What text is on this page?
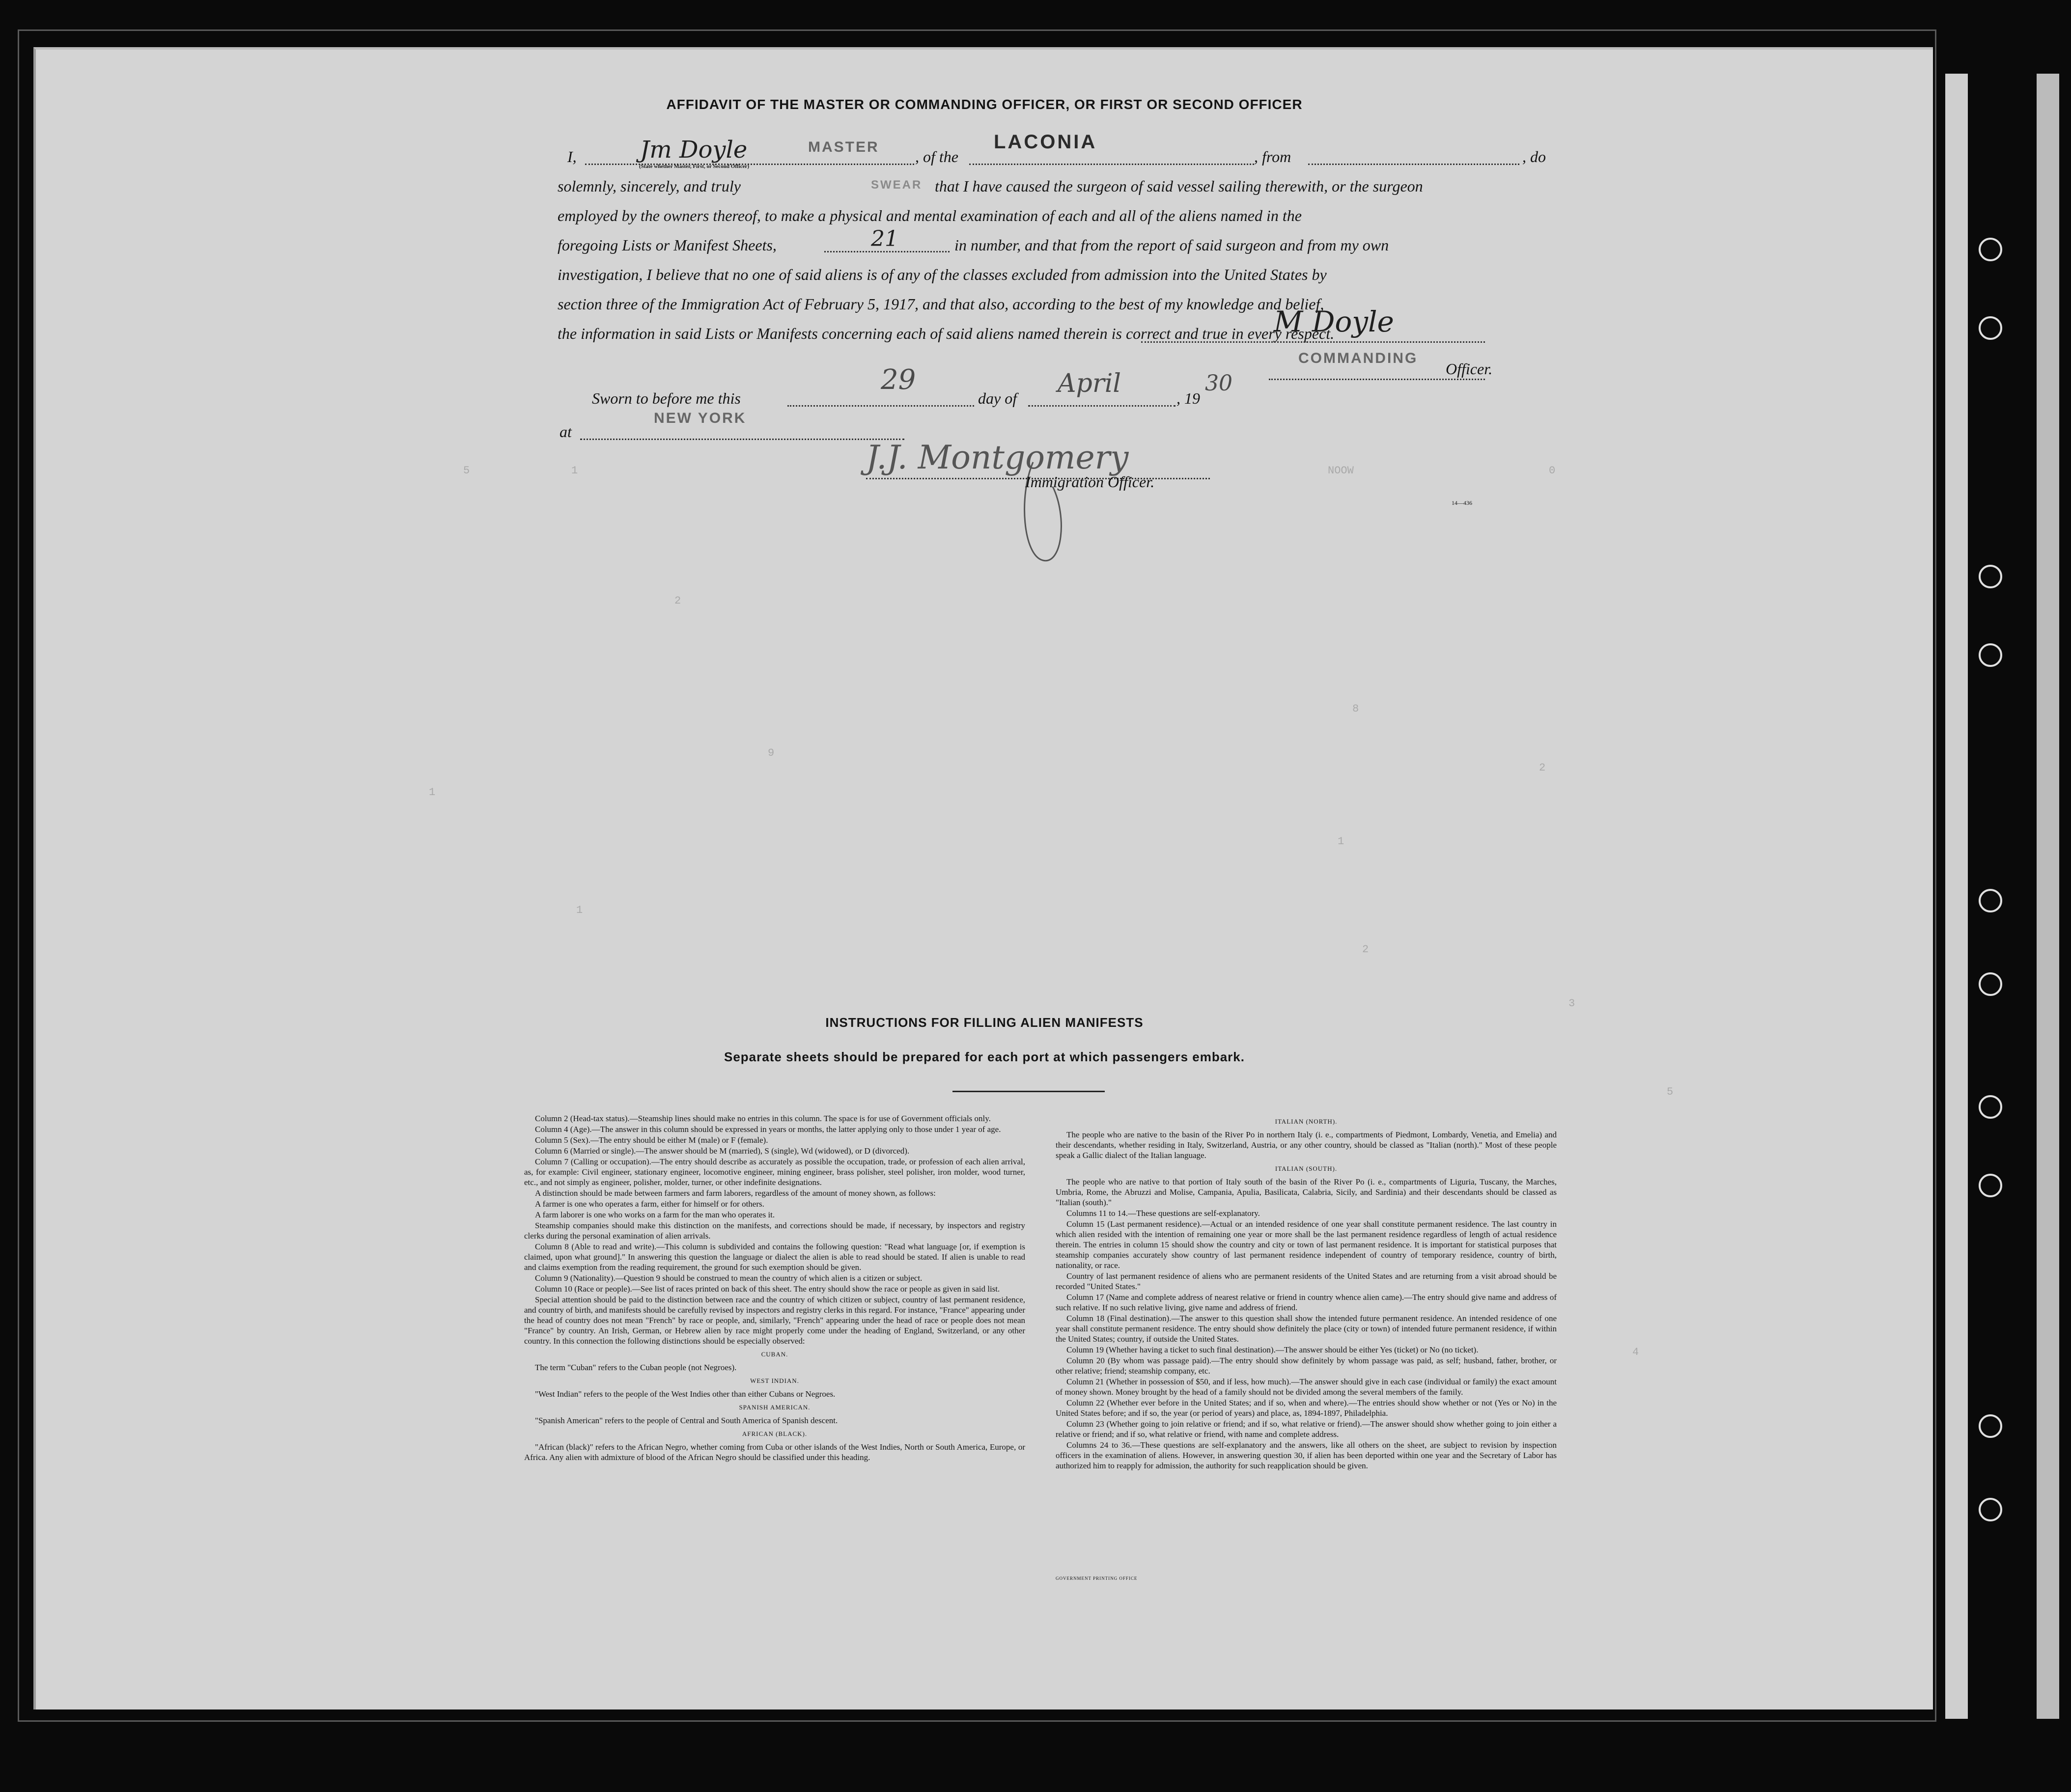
5	1	NOOW	0
2
8
2
9
1
1
1
2
3
5
4
AFFIDAVIT OF THE MASTER OR COMMANDING OFFICER, OR FIRST OR SECOND OFFICER
I,	Jm Doyle	MASTER
(State whether Master, First, or Second Officer)
, of the
LACONIA
, from	, do
solemnly, sincerely, and truly	SWEAR that I have caused the surgeon of said vessel sailing therewith, or the surgeon
employed by the owners thereof, to make a physical and mental examination of each and all of the aliens named in the
foregoing Lists or Manifest Sheets,	21	in number, and that from the report of said surgeon and from my own
investigation, I believe that no one of said aliens is of any of the classes excluded from admission into the United States by
section three of the Immigration Act of February 5, 1917, and that also, according to the best of my knowledge and belief,
the information in said Lists or Manifests concerning each of said aliens named therein is correct and true in every respect.
M Doyle
COMMANDING
Officer.
Sworn to before me this
29
day of April	, 19
30
at
NEW YORK
J.J. Montgomery
Immigration Officer.
14—436
INSTRUCTIONS FOR FILLING ALIEN MANIFESTS
Separate sheets should be prepared for each port at which passengers embark.

Column 2 (Head-tax status).—Steamship lines should make no entries in this column. The space is for use of Government officials only.

Column 4 (Age).—The answer in this column should be expressed in years or months, the latter applying only to those under 1 year of age.

Column 5 (Sex).—The entry should be either M (male) or F (female).

Column 6 (Married or single).—The answer should be M (married), S (single), Wd (widowed), or D (divorced).

Column 7 (Calling or occupation).—The entry should describe as accurately as possible the occupation, trade, or profession of each alien arrival, as, for example: Civil engineer, stationary engineer, locomotive engineer, mining engineer, brass polisher, steel polisher, iron molder, wood turner, etc., and not simply as engineer, polisher, molder, turner, or other indefinite designations.

A distinction should be made between farmers and farm laborers, regardless of the amount of money shown, as follows:

A farmer is one who operates a farm, either for himself or for others.

A farm laborer is one who works on a farm for the man who operates it.

Steamship companies should make this distinction on the manifests, and corrections should be made, if necessary, by inspectors and registry clerks during the personal examination of alien arrivals.

Column 8 (Able to read and write).—This column is subdivided and contains the following question: "Read what language [or, if exemption is claimed, upon what ground]." In answering this question the language or dialect the alien is able to read should be stated. If alien is unable to read and claims exemption from the reading requirement, the ground for such exemption should be given.

Column 9 (Nationality).—Question 9 should be construed to mean the country of which alien is a citizen or subject.

Column 10 (Race or people).—See list of races printed on back of this sheet. The entry should show the race or people as given in said list.

Special attention should be paid to the distinction between race and the country of which citizen or subject, country of last permanent residence, and country of birth, and manifests should be carefully revised by inspectors and registry clerks in this regard. For instance, "France" appearing under the head of country does not mean "French" by race or people, and, similarly, "French" appearing under the head of race or people does not mean "France" by country. An Irish, German, or Hebrew alien by race might properly come under the heading of England, Switzerland, or any other country. In this connection the following distinctions should be especially observed:

CUBAN.

The term "Cuban" refers to the Cuban people (not Negroes).

WEST INDIAN.

"West Indian" refers to the people of the West Indies other than either Cubans or Negroes.

SPANISH AMERICAN.

"Spanish American" refers to the people of Central and South America of Spanish descent.

AFRICAN (BLACK).

"African (black)" refers to the African Negro, whether coming from Cuba or other islands of the West Indies, North or South America, Europe, or Africa. Any alien with admixture of blood of the African Negro should be classified under this heading.

ITALIAN (NORTH).

The people who are native to the basin of the River Po in northern Italy (i. e., compartments of Piedmont, Lombardy, Venetia, and Emelia) and their descendants, whether residing in Italy, Switzerland, Austria, or any other country, should be classed as "Italian (north)." Most of these people speak a Gallic dialect of the Italian language.

ITALIAN (SOUTH).

The people who are native to that portion of Italy south of the basin of the River Po (i. e., compartments of Liguria, Tuscany, the Marches, Umbria, Rome, the Abruzzi and Molise, Campania, Apulia, Basilicata, Calabria, Sicily, and Sardinia) and their descendants should be classed as "Italian (south)."

Columns 11 to 14.—These questions are self-explanatory.

Column 15 (Last permanent residence).—Actual or an intended residence of one year shall constitute permanent residence. The last country in which alien resided with the intention of remaining one year or more shall be the last permanent residence regardless of length of actual residence therein. The entries in column 15 should show the country and city or town of last permanent residence. It is important for statistical purposes that steamship companies accurately show country of last permanent residence independent of country of temporary residence, country of birth, nationality, or race.

Country of last permanent residence of aliens who are permanent residents of the United States and are returning from a visit abroad should be recorded "United States."

Column 17 (Name and complete address of nearest relative or friend in country whence alien came).—The entry should give name and address of such relative. If no such relative living, give name and address of friend.

Column 18 (Final destination).—The answer to this question shall show the intended future permanent residence. An intended residence of one year shall constitute permanent residence. The entry should show definitely the place (city or town) of intended future permanent residence, if within the United States; country, if outside the United States.

Column 19 (Whether having a ticket to such final destination).—The answer should be either Yes (ticket) or No (no ticket).

Column 20 (By whom was passage paid).—The entry should show definitely by whom passage was paid, as self; husband, father, brother, or other relative; friend; steamship company, etc.

Column 21 (Whether in possession of $50, and if less, how much).—The answer should give in each case (individual or family) the exact amount of money shown. Money brought by the head of a family should not be divided among the several members of the family.

Column 22 (Whether ever before in the United States; and if so, when and where).—The entries should show whether or not (Yes or No) in the United States before; and if so, the year (or period of years) and place, as, 1894-1897, Philadelphia.

Column 23 (Whether going to join relative or friend; and if so, what relative or friend).—The answer should show whether going to join either a relative or friend; and if so, what relative or friend, with name and complete address.

Columns 24 to 36.—These questions are self-explanatory and the answers, like all others on the sheet, are subject to revision by inspection officers in the examination of aliens. However, in answering question 30, if alien has been deported within one year and the Secretary of Labor has authorized him to reapply for admission, the authority for such reapplication should be given.

GOVERNMENT PRINTING OFFICE
